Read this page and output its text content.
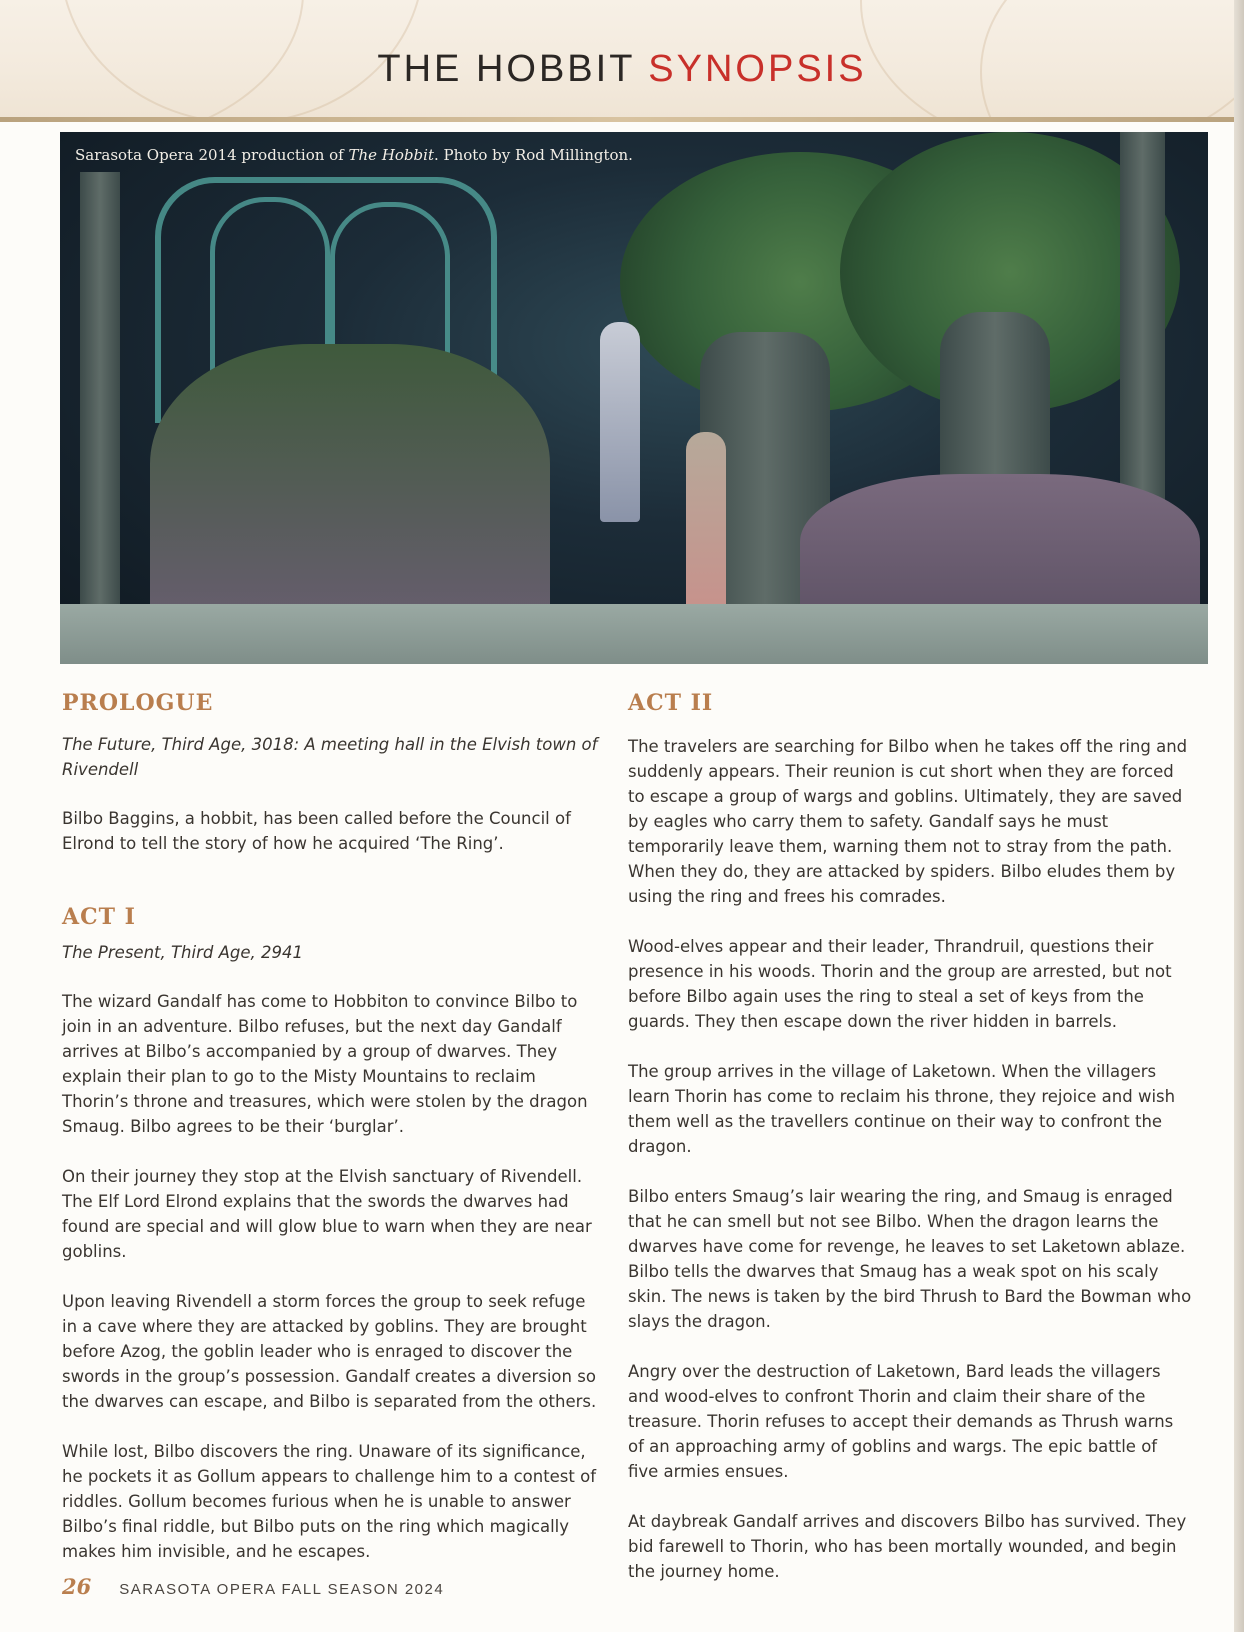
THE HOBBIT SYNOPSIS
Sarasota Opera 2014 production of The Hobbit. Photo by Rod Millington.
PROLOGUE

The Future, Third Age, 3018: A meeting hall in the Elvish town of Rivendell

Bilbo Baggins, a hobbit, has been called before the Council of Elrond to tell the story of how he acquired ‘The Ring’.

ACT I

The Present, Third Age, 2941

The wizard Gandalf has come to Hobbiton to convince Bilbo to join in an adventure. Bilbo refuses, but the next day Gandalf arrives at Bilbo’s accompanied by a group of dwarves. They explain their plan to go to the Misty Mountains to reclaim Thorin’s throne and treasures, which were stolen by the dragon Smaug. Bilbo agrees to be their ‘burglar’.

On their journey they stop at the Elvish sanctuary of Rivendell. The Elf Lord Elrond explains that the swords the dwarves had found are special and will glow blue to warn when they are near goblins.

Upon leaving Rivendell a storm forces the group to seek refuge in a cave where they are attacked by goblins. They are brought before Azog, the goblin leader who is enraged to discover the swords in the group’s possession. Gandalf creates a diversion so the dwarves can escape, and Bilbo is separated from the others.

While lost, Bilbo discovers the ring. Unaware of its significance, he pockets it as Gollum appears to challenge him to a contest of riddles. Gollum becomes furious when he is unable to answer Bilbo’s final riddle, but Bilbo puts on the ring which magically makes him invisible, and he escapes.

ACT II

The travelers are searching for Bilbo when he takes off the ring and suddenly appears. Their reunion is cut short when they are forced to escape a group of wargs and goblins. Ultimately, they are saved by eagles who carry them to safety. Gandalf says he must temporarily leave them, warning them not to stray from the path. When they do, they are attacked by spiders. Bilbo eludes them by using the ring and frees his comrades.

Wood-elves appear and their leader, Thrandruil, questions their presence in his woods. Thorin and the group are arrested, but not before Bilbo again uses the ring to steal a set of keys from the guards. They then escape down the river hidden in barrels.

The group arrives in the village of Laketown. When the villagers learn Thorin has come to reclaim his throne, they rejoice and wish them well as the travellers continue on their way to confront the dragon.

Bilbo enters Smaug’s lair wearing the ring, and Smaug is enraged that he can smell but not see Bilbo. When the dragon learns the dwarves have come for revenge, he leaves to set Laketown ablaze. Bilbo tells the dwarves that Smaug has a weak spot on his scaly skin. The news is taken by the bird Thrush to Bard the Bowman who slays the dragon.

Angry over the destruction of Laketown, Bard leads the villagers and wood-elves to confront Thorin and claim their share of the treasure. Thorin refuses to accept their demands as Thrush warns of an approaching army of goblins and wargs. The epic battle of five armies ensues.

At daybreak Gandalf arrives and discovers Bilbo has survived. They bid farewell to Thorin, who has been mortally wounded, and begin the journey home.

26 SARASOTA OPERA FALL SEASON 2024
